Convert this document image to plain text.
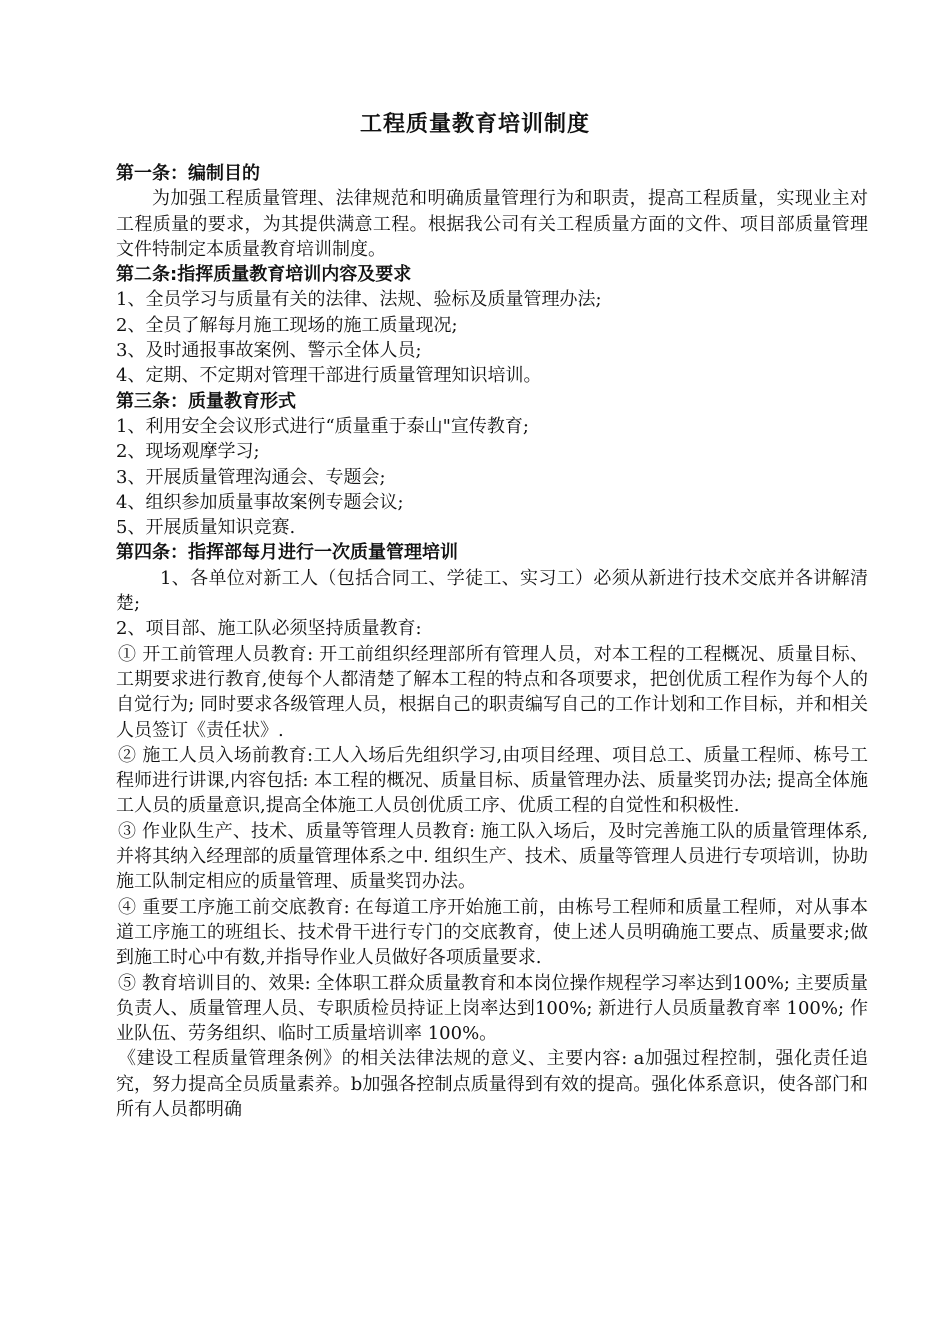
工程质量教育培训制度

第一条：编制目的

为加强工程质量管理、法律规范和明确质量管理行为和职责，提高工程质量，实现业主对工程质量的要求，为其提供满意工程。根据我公司有关工程质量方面的文件、项目部质量管理文件特制定本质量教育培训制度。

第二条:指挥质量教育培训内容及要求

1、全员学习与质量有关的法律、法规、验标及质量管理办法;

2、全员了解每月施工现场的施工质量现况;

3、及时通报事故案例、警示全体人员;

4、定期、不定期对管理干部进行质量管理知识培训。

第三条：质量教育形式

1、利用安全会议形式进行“质量重于泰山"宣传教育;

2、现场观摩学习;

3、开展质量管理沟通会、专题会;

4、组织参加质量事故案例专题会议;

5、开展质量知识竞赛.

第四条：指挥部每月进行一次质量管理培训

1、各单位对新工人（包括合同工、学徒工、实习工）必须从新进行技术交底并各讲解清楚;

2、项目部、施工队必须坚持质量教育:

① 开工前管理人员教育: 开工前组织经理部所有管理人员，对本工程的工程概况、质量目标、工期要求进行教育,使每个人都清楚了解本工程的特点和各项要求，把创优质工程作为每个人的自觉行为; 同时要求各级管理人员，根据自己的职责编写自己的工作计划和工作目标，并和相关人员签订《责任状》.

② 施工人员入场前教育:工人入场后先组织学习,由项目经理、项目总工、质量工程师、栋号工程师进行讲课,内容包括: 本工程的概况、质量目标、质量管理办法、质量奖罚办法; 提高全体施工人员的质量意识,提高全体施工人员创优质工序、优质工程的自觉性和积极性.

③ 作业队生产、技术、质量等管理人员教育: 施工队入场后，及时完善施工队的质量管理体系,并将其纳入经理部的质量管理体系之中. 组织生产、技术、质量等管理人员进行专项培训，协助施工队制定相应的质量管理、质量奖罚办法。

④ 重要工序施工前交底教育: 在每道工序开始施工前，由栋号工程师和质量工程师，对从事本道工序施工的班组长、技术骨干进行专门的交底教育，使上述人员明确施工要点、质量要求;做到施工时心中有数,并指导作业人员做好各项质量要求.

⑤ 教育培训目的、效果: 全体职工群众质量教育和本岗位操作规程学习率达到100%; 主要质量负责人、质量管理人员、专职质检员持证上岗率达到100%; 新进行人员质量教育率 100%; 作业队伍、劳务组织、临时工质量培训率 100%。

《建设工程质量管理条例》的相关法律法规的意义、主要内容: a加强过程控制，强化责任追究，努力提高全员质量素养。b加强各控制点质量得到有效的提高。强化体系意识，使各部门和所有人员都明确
